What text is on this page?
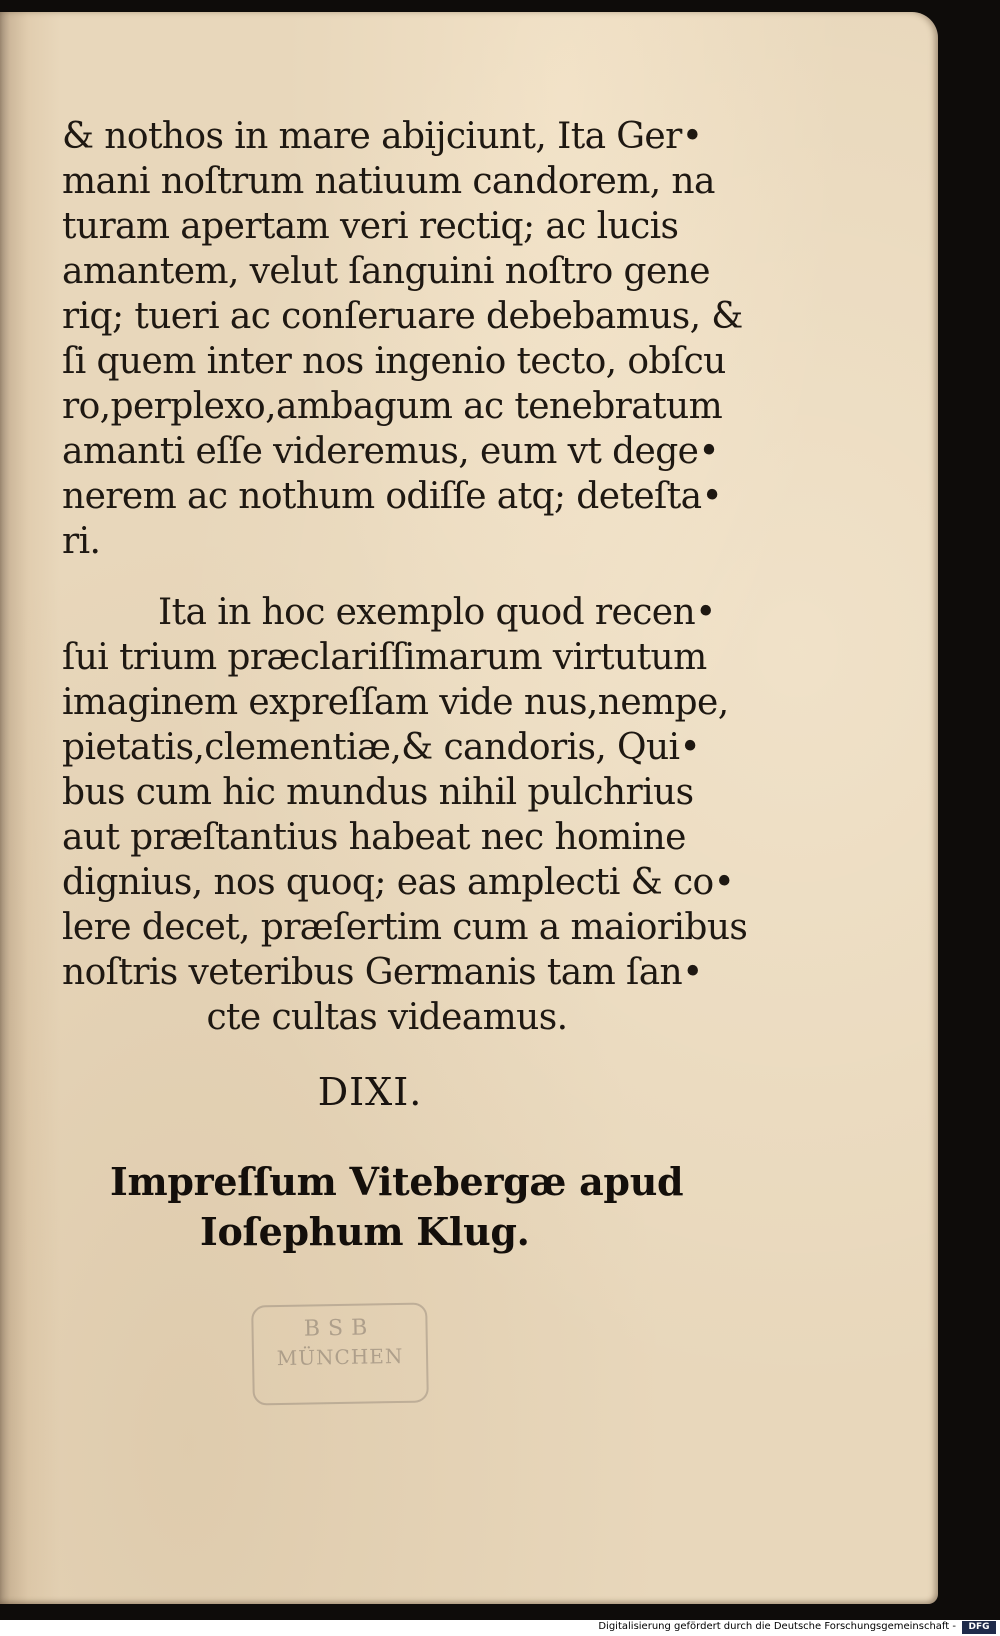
& nothos in mare abijciunt, Ita Ger•
mani noſtrum natiuum candorem, na
turam apertam veri rectiq; ac lucis
amantem, velut ſanguini noſtro gene
riq; tueri ac conſeruare debebamus, &
ſi quem inter nos ingenio tecto, obſcu
ro,perplexo,ambagum ac tenebratum
amanti eſſe videremus, eum vt dege•
nerem ac nothum odiſſe atq; deteſta•
ri.
Ita in hoc exemplo quod recen•
ſui trium præclariſſimarum virtutum
imaginem expreſſam vide nus,nempe,
pietatis,clementiæ,& candoris, Qui•
bus cum hic mundus nihil pulchrius
aut præſtantius habeat nec homine
dignius, nos quoq; eas amplecti & co•
lere decet, præſertim cum a maioribus
noſtris veteribus Germanis tam ſan•
cte cultas videamus.
DIXI.
Impreſſum Vitebergæ apud
Ioſephum Klug.
BSB
MÜNCHEN
Digitalisierung gefördert durch die Deutsche Forschungsgemeinschaft -	DFG
